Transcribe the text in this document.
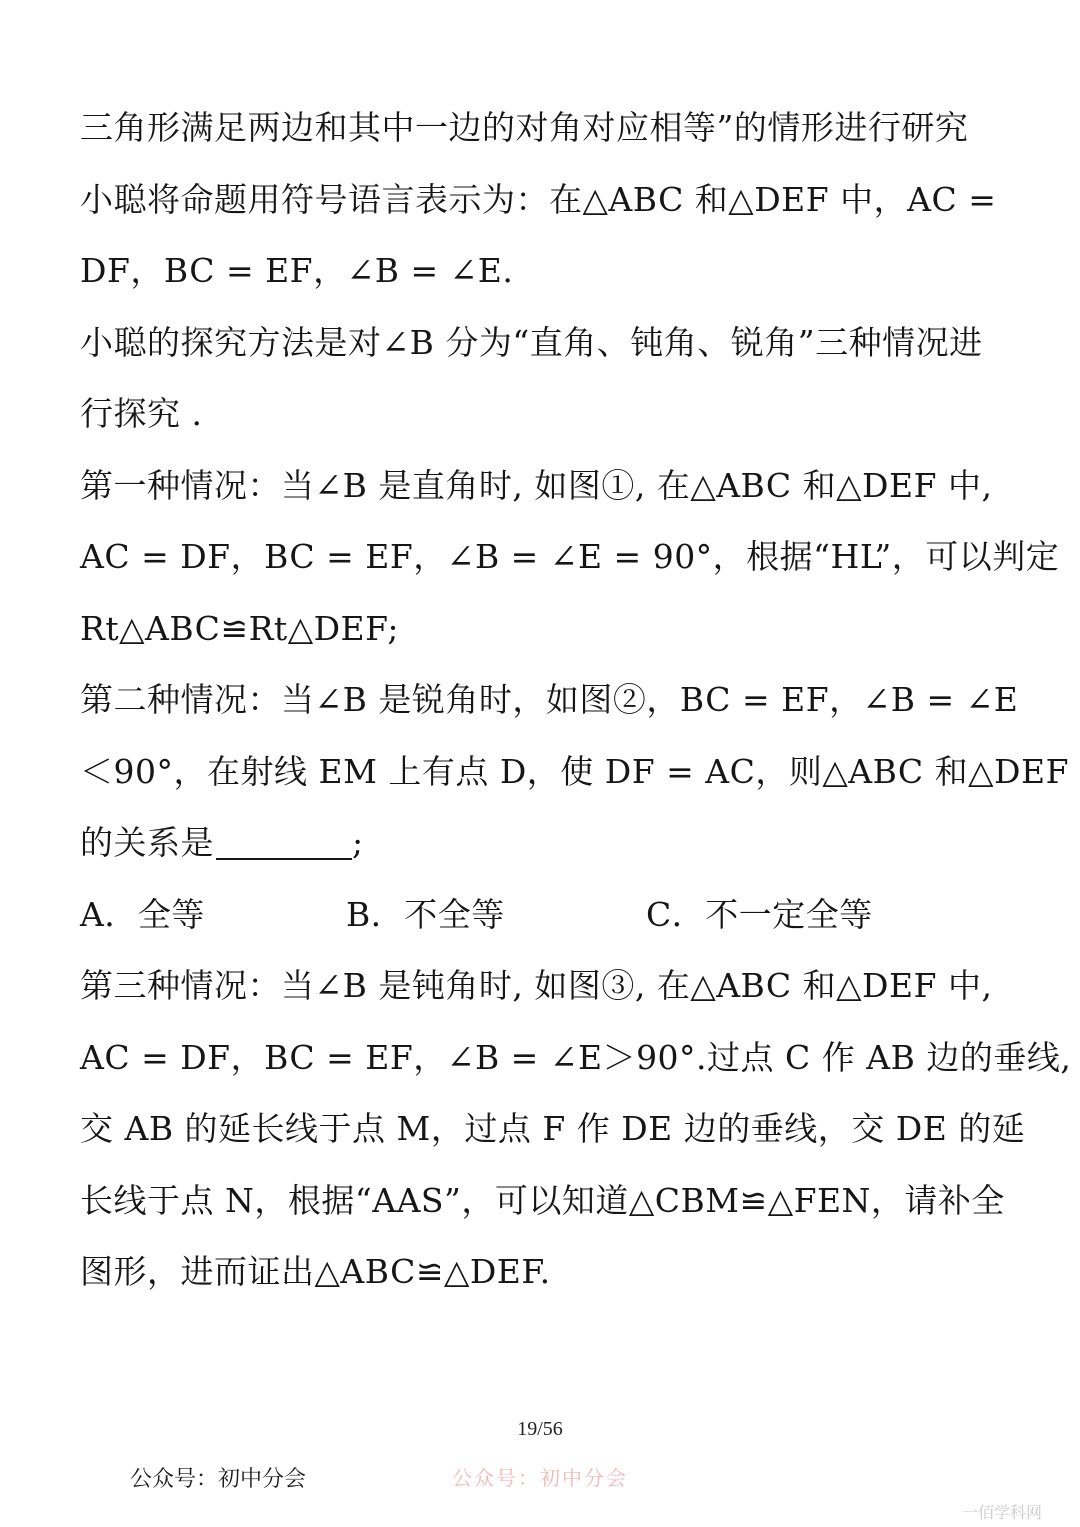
三角形满足两边和其中一边的对角对应相等”的情形进行研究
小聪将命题用符号语言表示为：在△ABC 和△DEF 中，AC =
DF，BC = EF，∠B = ∠E.
小聪的探究方法是对∠B 分为“直角、钝角、锐角”三种情况进
行探究 .
第一种情况：当∠B 是直角时, 如图①, 在△ABC 和△DEF 中,
AC = DF，BC = EF，∠B = ∠E = 90°，根据“HL”，可以判定
Rt△ABC≌Rt△DEF;
第二种情况：当∠B 是锐角时，如图②，BC = EF，∠B = ∠E
＜90°，在射线 EM 上有点 D，使 DF = AC，则△ABC 和△DEF
的关系是	;
A．全等	B．不全等	C．不一定全等
第三种情况：当∠B 是钝角时, 如图③, 在△ABC 和△DEF 中,
AC = DF，BC = EF，∠B = ∠E＞90°.过点 C 作 AB 边的垂线,
交 AB 的延长线于点 M，过点 F 作 DE 边的垂线，交 DE 的延
长线于点 N，根据“AAS”，可以知道△CBM≌△FEN，请补全
图形，进而证出△ABC≌△DEF.
19/56
公众号：初中分会	公众号：初中分会
一佰学科网
